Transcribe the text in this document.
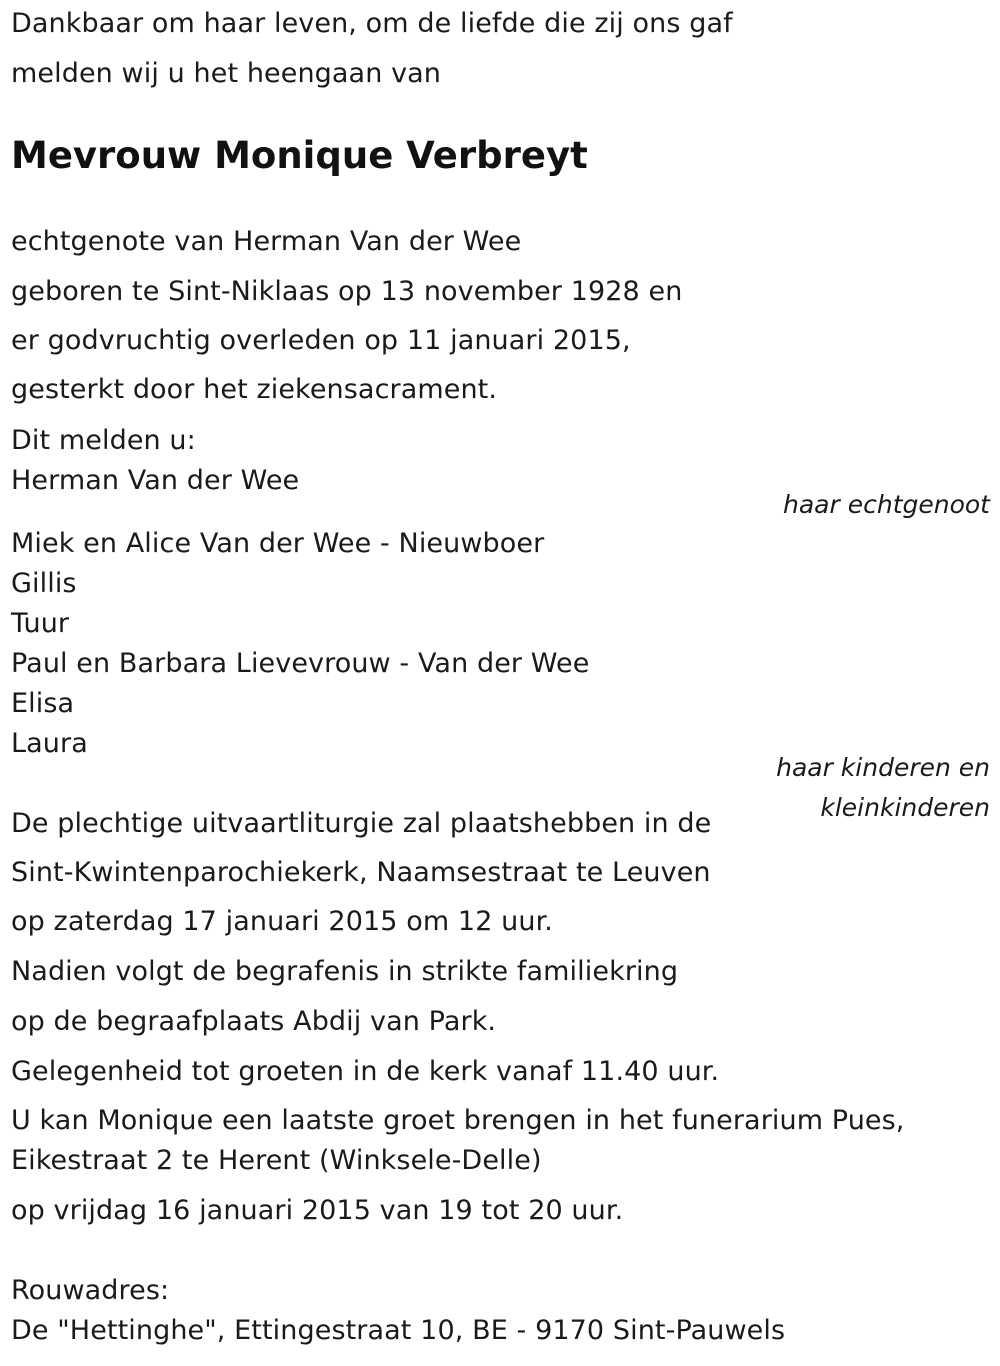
Dankbaar om haar leven, om de liefde die zij ons gaf
melden wij u het heengaan van
Mevrouw Monique Verbreyt
echtgenote van Herman Van der Wee
geboren te Sint-Niklaas op 13 november 1928 en
er godvruchtig overleden op 11 januari 2015,
gesterkt door het ziekensacrament.
Dit melden u:
Herman Van der Wee
haar echtgenoot
Miek en Alice Van der Wee - Nieuwboer
Gillis
Tuur
Paul en Barbara Lievevrouw - Van der Wee
Elisa
Laura
haar kinderen en
kleinkinderen
De plechtige uitvaartliturgie zal plaatshebben in de
Sint-Kwintenparochiekerk, Naamsestraat te Leuven
op zaterdag 17 januari 2015 om 12 uur.
Nadien volgt de begrafenis in strikte familiekring
op de begraafplaats Abdij van Park.
Gelegenheid tot groeten in de kerk vanaf 11.40 uur.
U kan Monique een laatste groet brengen in het funerarium Pues,
Eikestraat 2 te Herent (Winksele-Delle)
op vrijdag 16 januari 2015 van 19 tot 20 uur.
Rouwadres:
De "Hettinghe", Ettingestraat 10, BE - 9170 Sint-Pauwels
